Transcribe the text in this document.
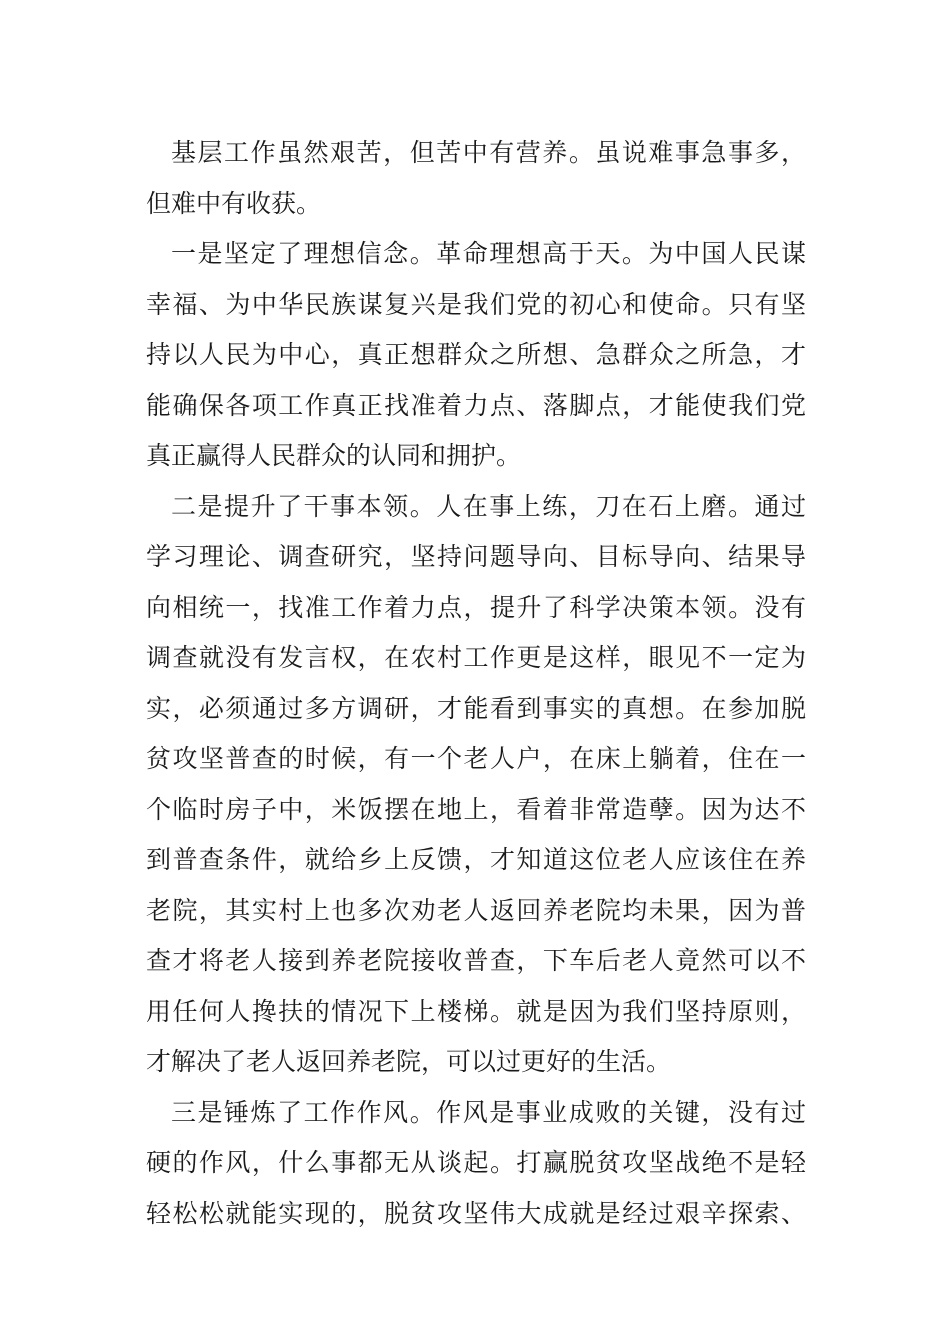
基层工作虽然艰苦，但苦中有营养。虽说难事急事多，
但难中有收获。
一是坚定了理想信念。革命理想高于天。为中国人民谋
幸福、为中华民族谋复兴是我们党的初心和使命。只有坚
持以人民为中心，真正想群众之所想、急群众之所急，才
能确保各项工作真正找准着力点、落脚点，才能使我们党
真正赢得人民群众的认同和拥护。
二是提升了干事本领。人在事上练，刀在石上磨。通过
学习理论、调查研究，坚持问题导向、目标导向、结果导
向相统一，找准工作着力点，提升了科学决策本领。没有
调查就没有发言权，在农村工作更是这样，眼见不一定为
实，必须通过多方调研，才能看到事实的真想。在参加脱
贫攻坚普查的时候，有一个老人户，在床上躺着，住在一
个临时房子中，米饭摆在地上，看着非常造孽。因为达不
到普查条件，就给乡上反馈，才知道这位老人应该住在养
老院，其实村上也多次劝老人返回养老院均未果，因为普
查才将老人接到养老院接收普查，下车后老人竟然可以不
用任何人搀扶的情况下上楼梯。就是因为我们坚持原则，
才解决了老人返回养老院，可以过更好的生活。
三是锤炼了工作作风。作风是事业成败的关键，没有过
硬的作风，什么事都无从谈起。打赢脱贫攻坚战绝不是轻
轻松松就能实现的，脱贫攻坚伟大成就是经过艰辛探索、
